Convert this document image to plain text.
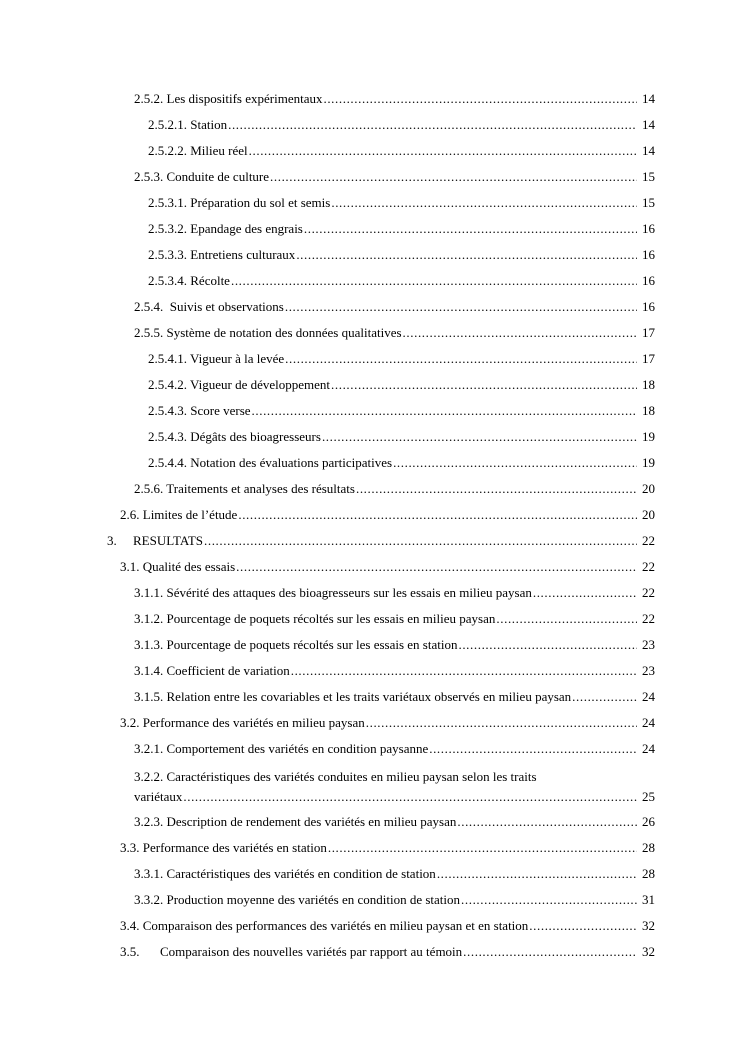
2.5.2. Les dispositifs expérimentaux .....	14
2.5.2.1. Station .....	14
2.5.2.2. Milieu réel .....	14
2.5.3. Conduite de culture .....	15
2.5.3.1. Préparation du sol et semis .....	15
2.5.3.2. Epandage des engrais .....	16
2.5.3.3. Entretiens culturaux .....	16
2.5.3.4. Récolte .....	16
2.5.4.  Suivis et observations .....	16
2.5.5. Système de notation des données qualitatives .....	17
2.5.4.1. Vigueur à la levée .....	17
2.5.4.2. Vigueur de développement .....	18
2.5.4.3. Score verse .....	18
2.5.4.3. Dégâts des bioagresseurs .....	19
2.5.4.4. Notation des évaluations participatives .....	19
2.5.6. Traitements et analyses des résultats .....	20
2.6. Limites de l’étude .....	20
3. RESULTATS .....	22
3.1. Qualité des essais .....	22
3.1.1. Sévérité des attaques des bioagresseurs sur les essais en milieu paysan .....	22
3.1.2. Pourcentage de poquets récoltés sur les essais en milieu paysan .....	22
3.1.3. Pourcentage de poquets récoltés sur les essais en station .....	23
3.1.4. Coefficient de variation .....	23
3.1.5. Relation entre les covariables et les traits variétaux observés en milieu paysan .....	24
3.2. Performance des variétés en milieu paysan .....	24
3.2.1. Comportement des variétés en condition paysanne .....	24
3.2.2. Caractéristiques des variétés conduites en milieu paysan selon les traits
variétaux .....	25
3.2.3. Description de rendement des variétés en milieu paysan .....	26
3.3. Performance des variétés en station .....	28
3.3.1. Caractéristiques des variétés en condition de station .....	28
3.3.2. Production moyenne des variétés en condition de station .....	31
3.4. Comparaison des performances des variétés en milieu paysan et en station .....	32
3.5. Comparaison des nouvelles variétés par rapport au témoin .....	32
